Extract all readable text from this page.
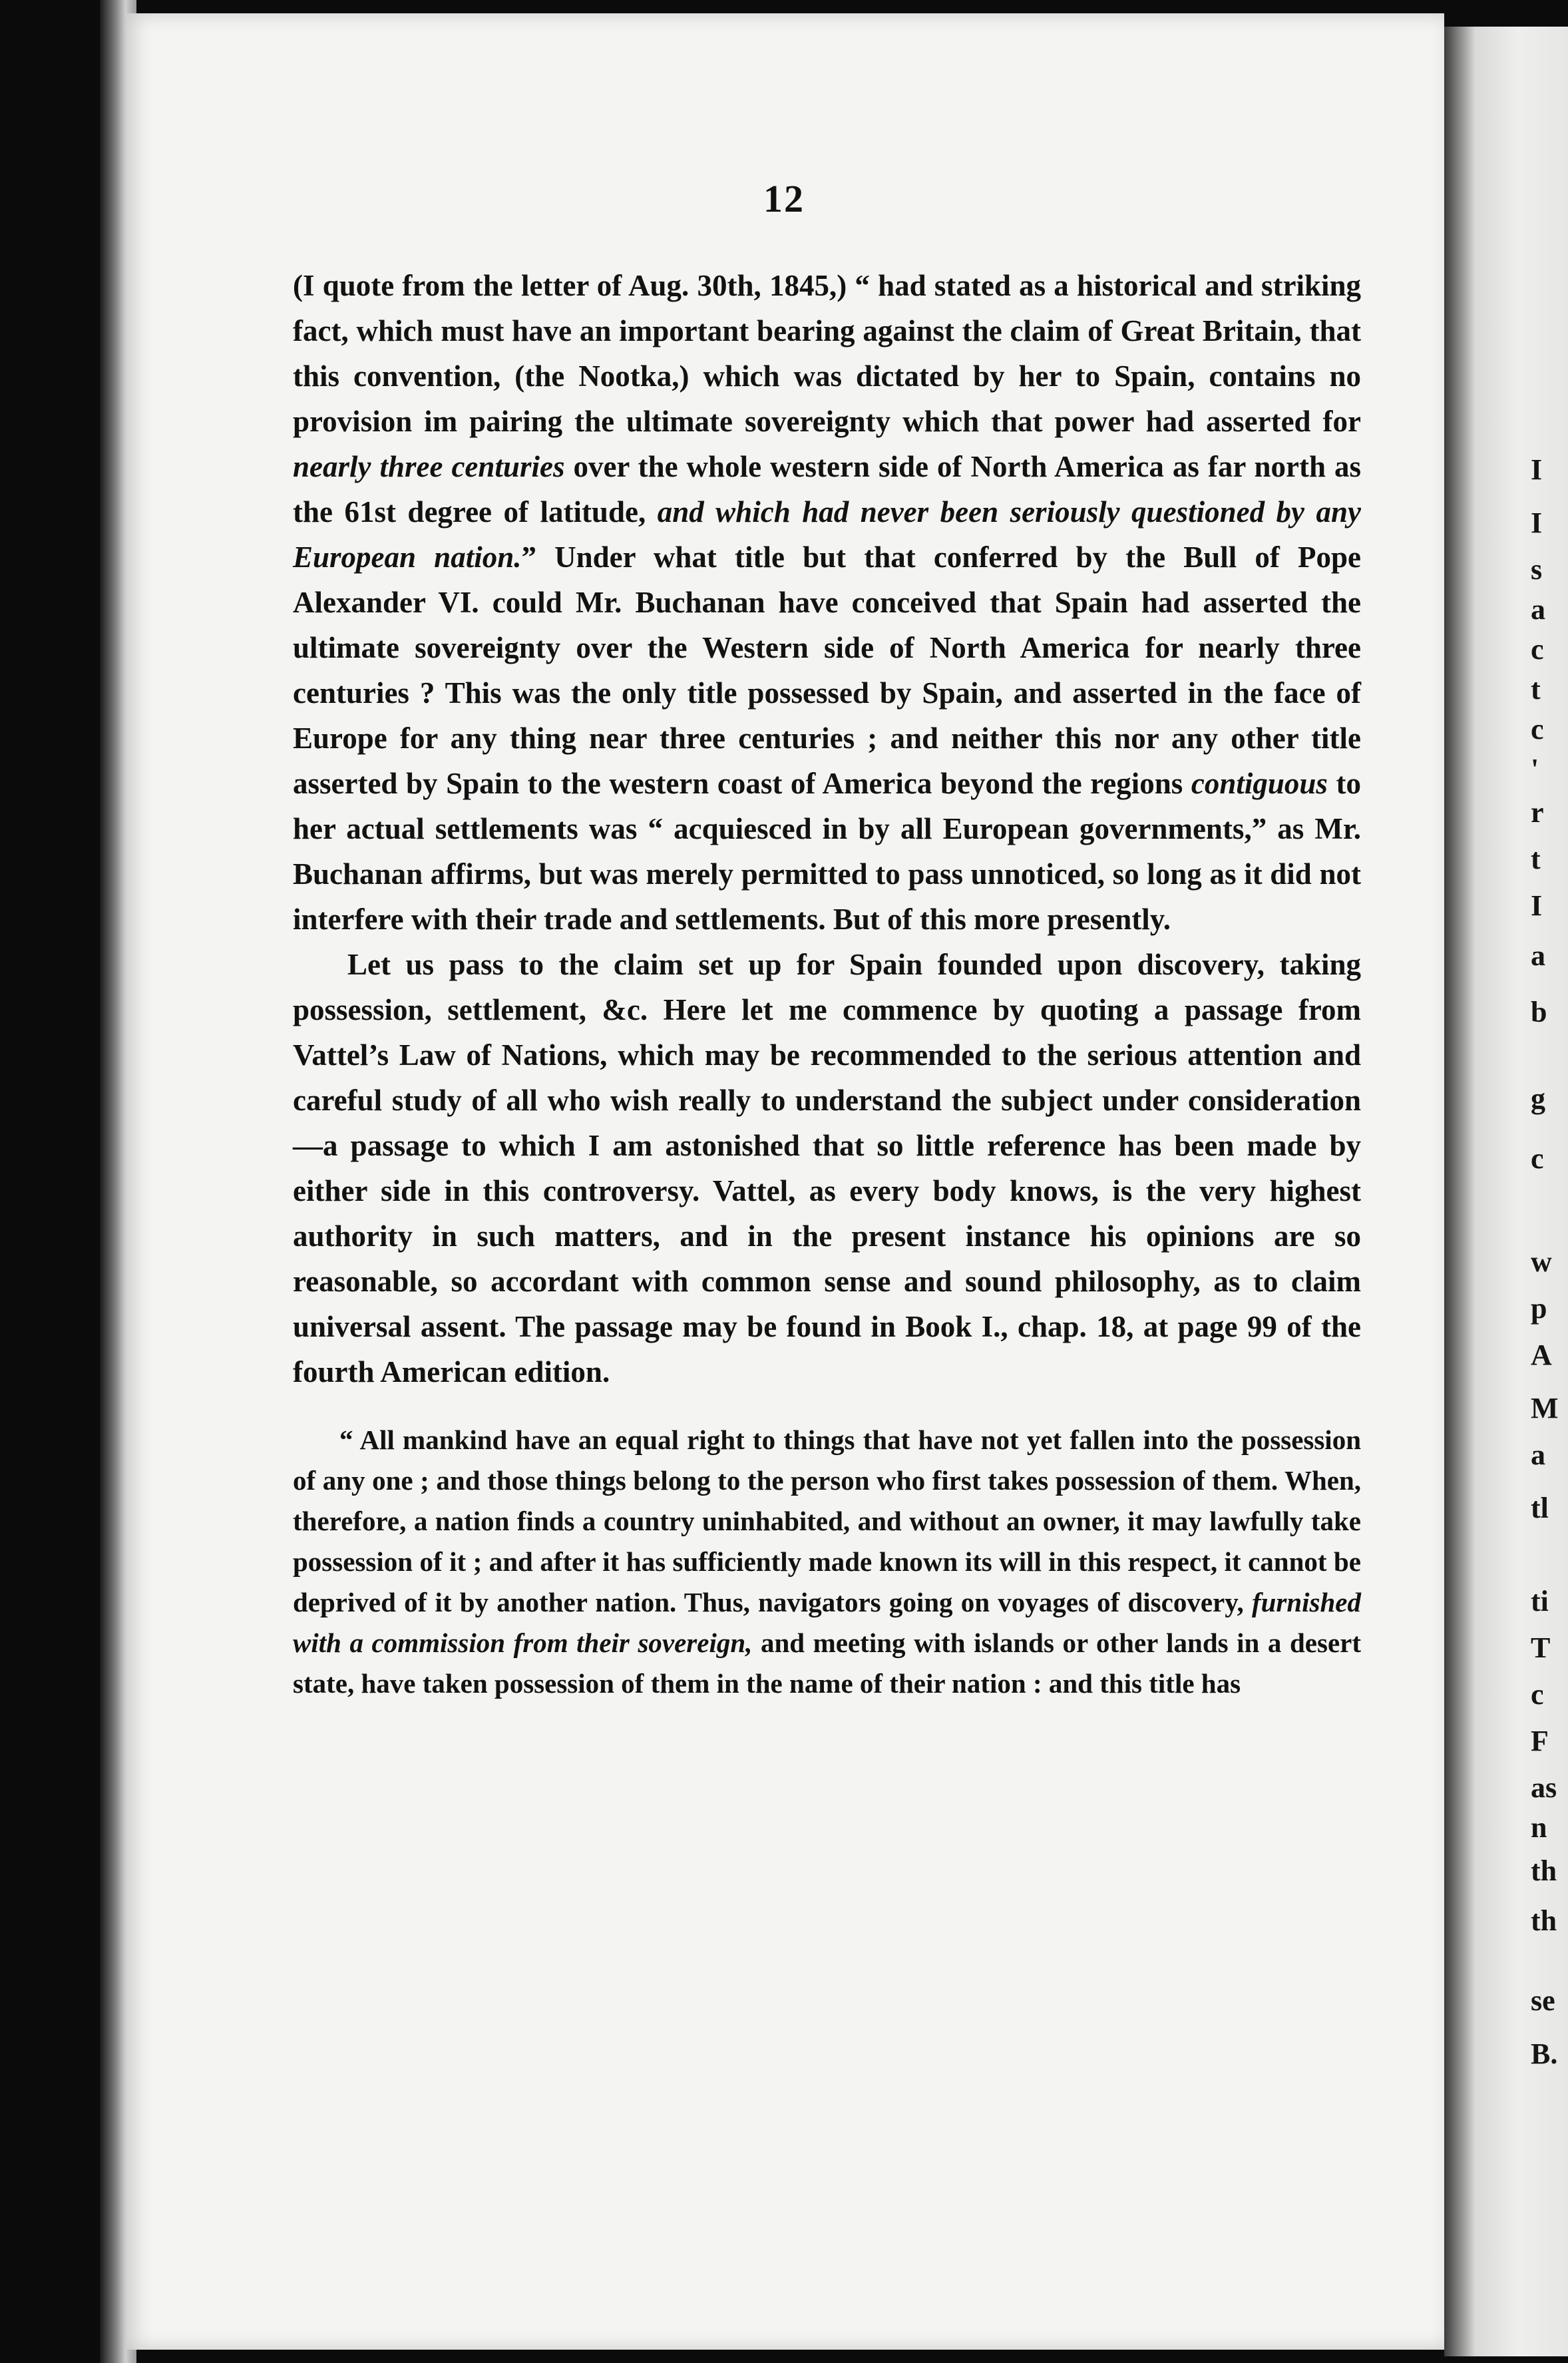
12

(I quote from the letter of Aug. 30th, 1845,) “ had stated as a historical and striking fact, which must have an important bearing against the claim of Great Britain, that this convention, (the Nootka,) which was dictated by her to Spain, contains no provision im pairing the ultimate sovereignty which that power had asserted for nearly three centuries over the whole western side of North America as far north as the 61st degree of latitude, and which had never been seriously questioned by any European nation.” Under what title but that conferred by the Bull of Pope Alexander VI. could Mr. Buchanan have conceived that Spain had asserted the ultimate sovereignty over the Western side of North America for nearly three centuries ? This was the only title possessed by Spain, and asserted in the face of Europe for any thing near three centuries ; and neither this nor any other title asserted by Spain to the western coast of America beyond the regions contiguous to her actual settlements was “ acquiesced in by all European governments,” as Mr. Buchanan affirms, but was merely permitted to pass unnoticed, so long as it did not interfere with their trade and settlements. But of this more presently.

Let us pass to the claim set up for Spain founded upon discovery, taking possession, settlement, &c. Here let me commence by quoting a passage from Vattel’s Law of Nations, which may be recommended to the serious attention and careful study of all who wish really to understand the subject under consideration—a passage to which I am astonished that so little reference has been made by either side in this controversy. Vattel, as every body knows, is the very highest authority in such matters, and in the present instance his opinions are so reasonable, so accordant with common sense and sound philosophy, as to claim universal assent. The passage may be found in Book I., chap. 18, at page 99 of the fourth American edition.

“ All mankind have an equal right to things that have not yet fallen into the possession of any one ; and those things belong to the person who first takes possession of them. When, therefore, a nation finds a country uninhabited, and without an owner, it may lawfully take possession of it ; and after it has sufficiently made known its will in this respect, it cannot be deprived of it by another nation. Thus, navigators going on voyages of discovery, furnished with a commission from their sovereign, and meeting with islands or other lands in a desert state, have taken possession of them in the name of their nation : and this title has

I
I
s
a
c
t
c
'
r
t
I
a
b
g
c
w
p
A
M
a
tl
ti
T
c
F
as
n
th
th
se
B.
